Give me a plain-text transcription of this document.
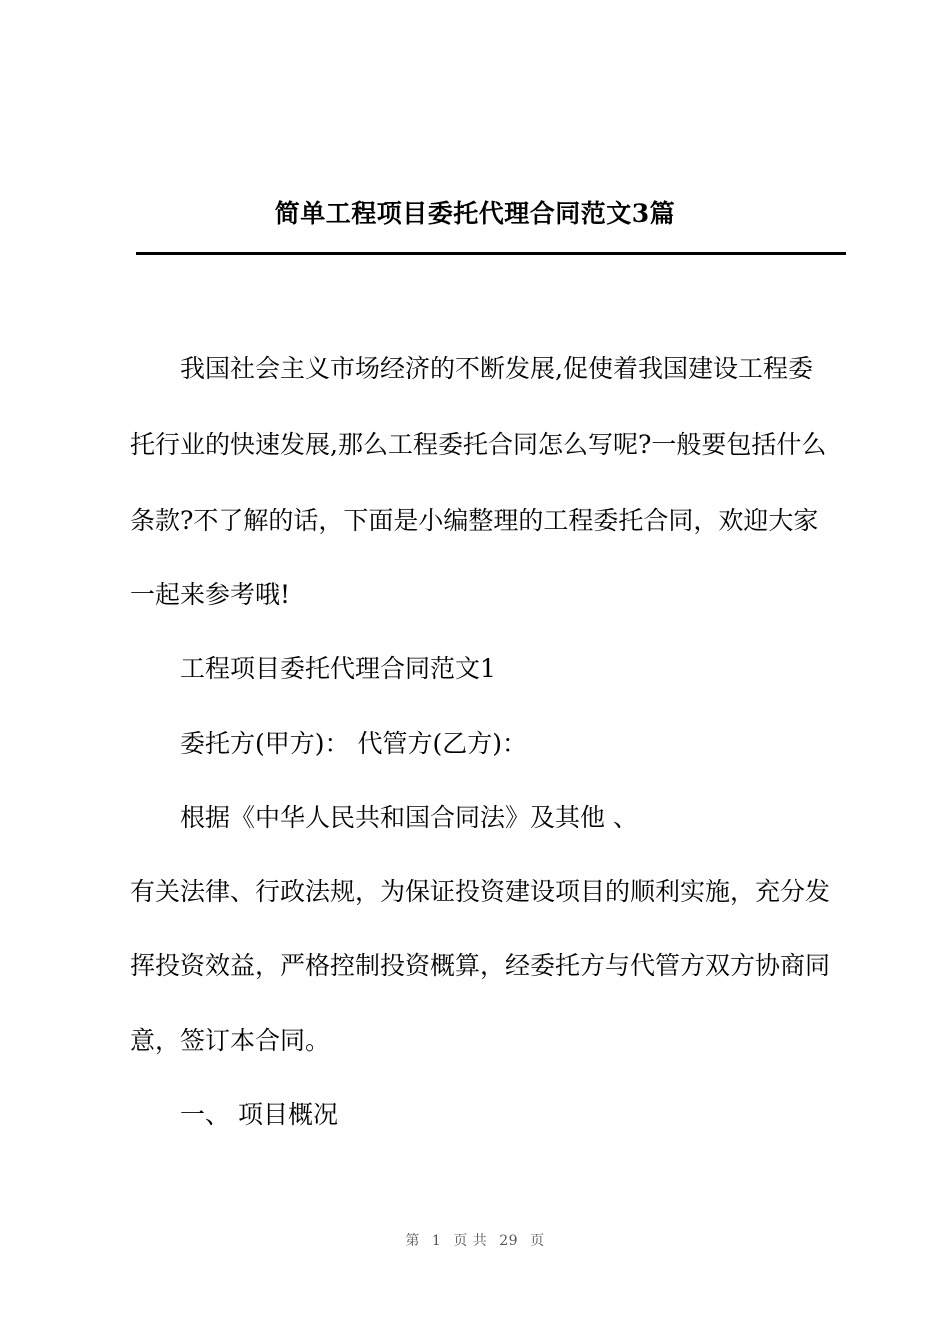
简单工程项目委托代理合同范文3篇
我国社会主义市场经济的不断发展,促使着我国建设工程委
托行业的快速发展,那么工程委托合同怎么写呢?一般要包括什么
条款?不了解的话，下面是小编整理的工程委托合同，欢迎大家
一起来参考哦!
工程项目委托代理合同范文1
委托方(甲方)： 代管方(乙方)：
根据《中华人民共和国合同法》及其他 、
有关法律、行政法规，为保证投资建设项目的顺利实施，充分发
挥投资效益，严格控制投资概算，经委托方与代管方双方协商同
意，签订本合同。
一、 项目概况
第 1 页 共 29 页
